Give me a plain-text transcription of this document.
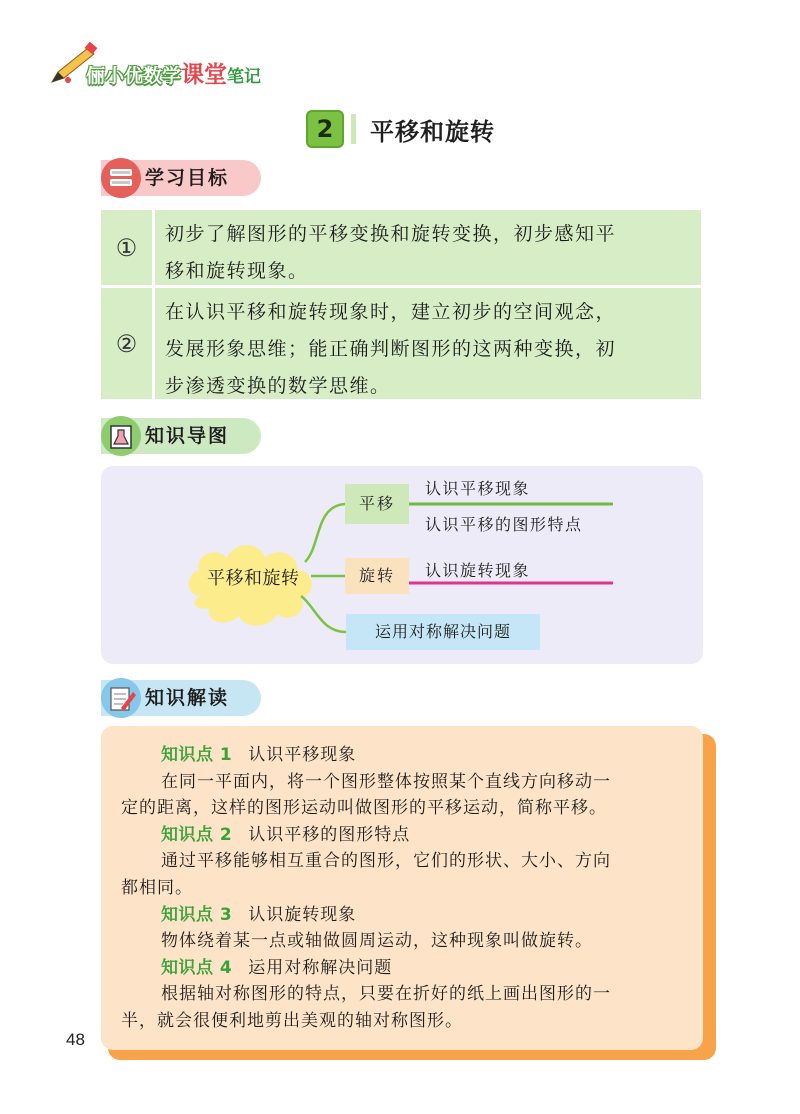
俪小优数学课堂笔记
2	平移和旋转
学习目标
①	初步了解图形的平移变换和旋转变换，初步感知平
移和旋转现象。
②
在认识平移和旋转现象时，建立初步的空间观念，
发展形象思维；能正确判断图形的这两种变换，初
步渗透变换的数学思维。
知识导图
平移和旋转
平移
旋转
运用对称解决问题
认识平移现象
认识平移的图形特点
认识旋转现象
知识解读
知识点 1 认识平移现象
在同一平面内，将一个图形整体按照某个直线方向移动一
定的距离，这样的图形运动叫做图形的平移运动，简称平移。
知识点 2 认识平移的图形特点
通过平移能够相互重合的图形，它们的形状、大小、方向
都相同。
知识点 3 认识旋转现象
物体绕着某一点或轴做圆周运动，这种现象叫做旋转。
知识点 4 运用对称解决问题
根据轴对称图形的特点，只要在折好的纸上画出图形的一
半，就会很便利地剪出美观的轴对称图形。
48
